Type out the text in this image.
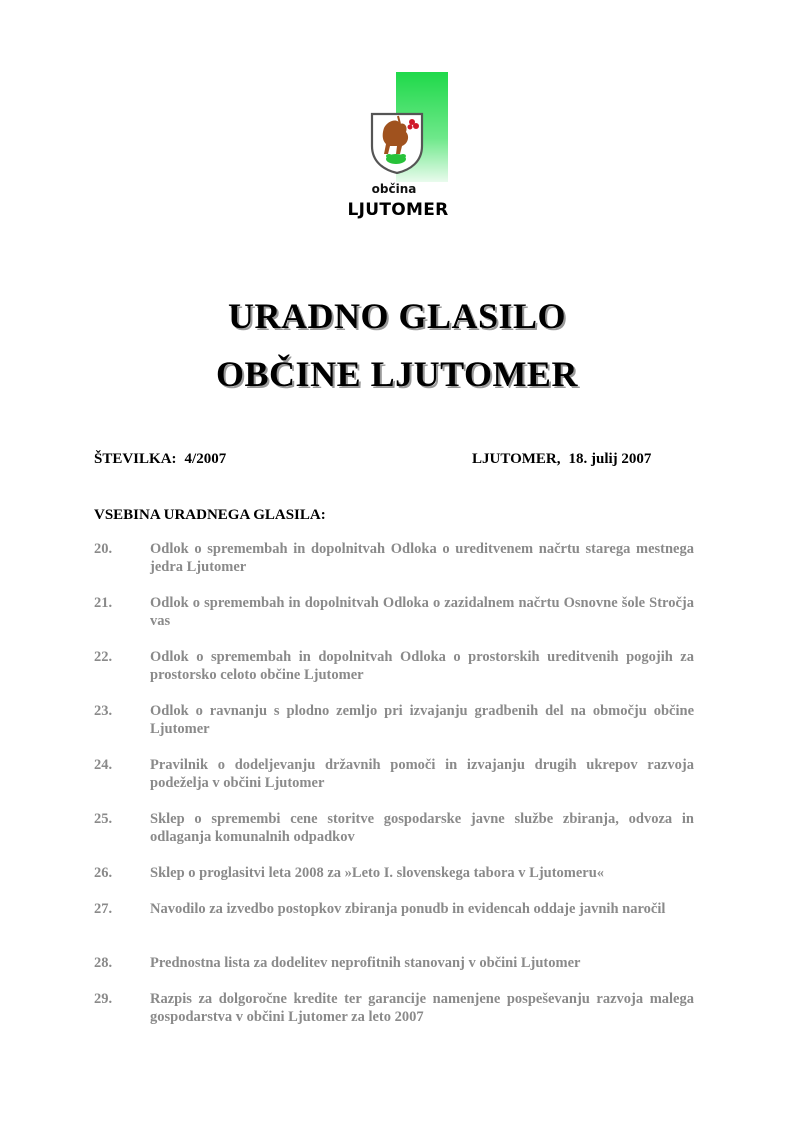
občina
LJUTOMER
URADNO GLASILO
OBČINE LJUTOMER
ŠTEVILKA: 4/2007	LJUTOMER, 18. julij 2007
VSEBINA URADNEGA GLASILA:
20.	Odlok o spremembah in dopolnitvah Odloka o ureditvenem načrtu starega mestnega jedra Ljutomer
21.	Odlok o spremembah in dopolnitvah Odloka o zazidalnem načrtu Osnovne šole Stročja vas
22.	Odlok o spremembah in dopolnitvah Odloka o prostorskih ureditvenih pogojih za prostorsko celoto občine Ljutomer
23.	Odlok o ravnanju s plodno zemljo pri izvajanju gradbenih del na območju občine Ljutomer
24.	Pravilnik o dodeljevanju državnih pomoči in izvajanju drugih ukrepov razvoja podeželja v občini Ljutomer
25.	Sklep o spremembi cene storitve gospodarske javne službe zbiranja, odvoza in odlaganja komunalnih odpadkov
26.	Sklep o proglasitvi leta 2008 za »Leto I. slovenskega tabora v Ljutomeru«
27.	Navodilo za izvedbo postopkov zbiranja ponudb in evidencah oddaje javnih naročil
28.	Prednostna lista za dodelitev neprofitnih stanovanj v občini Ljutomer
29.	Razpis za dolgoročne kredite ter garancije namenjene pospeševanju razvoja malega gospodarstva v občini Ljutomer za leto 2007
